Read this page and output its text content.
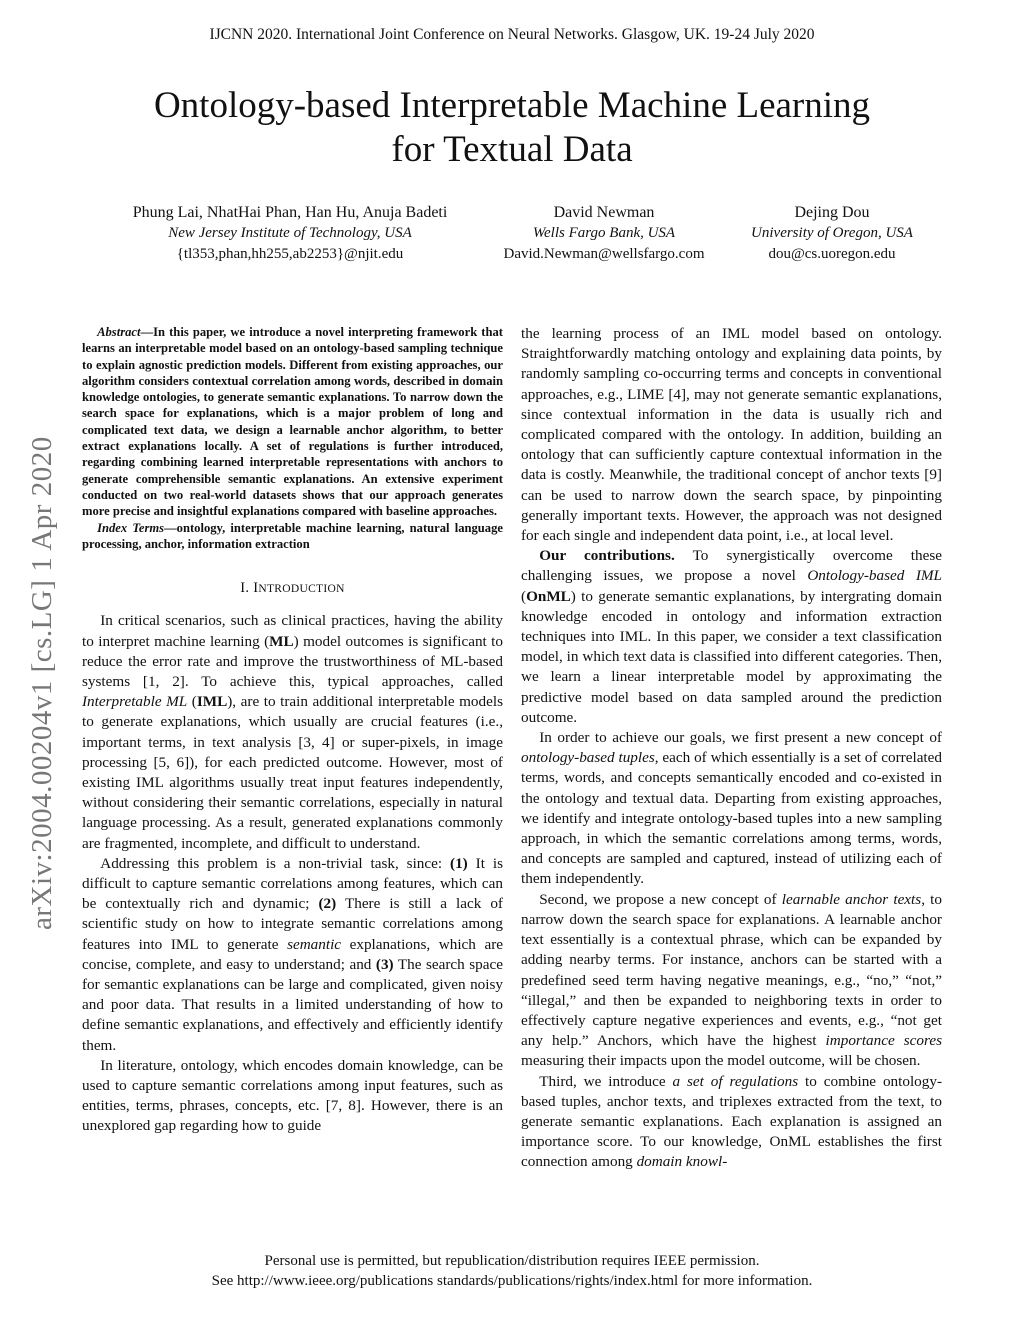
IJCNN 2020. International Joint Conference on Neural Networks. Glasgow, UK. 19-24 July 2020
Ontology-based Interpretable Machine Learning
for Textual Data
Phung Lai, NhatHai Phan, Han Hu, Anuja Badeti
New Jersey Institute of Technology, USA
{tl353,phan,hh255,ab2253}@njit.edu
David Newman
Wells Fargo Bank, USA
David.Newman@wellsfargo.com
Dejing Dou
University of Oregon, USA
dou@cs.uoregon.edu
arXiv:2004.00204v1 [cs.LG] 1 Apr 2020

Abstract—In this paper, we introduce a novel interpreting framework that learns an interpretable model based on an ontology-based sampling technique to explain agnostic prediction models. Different from existing approaches, our algorithm considers contextual correlation among words, described in domain knowledge ontologies, to generate semantic explanations. To narrow down the search space for explanations, which is a major problem of long and complicated text data, we design a learnable anchor algorithm, to better extract explanations locally. A set of regulations is further introduced, regarding combining learned interpretable representations with anchors to generate comprehensible semantic explanations. An extensive experiment conducted on two real-world datasets shows that our approach generates more precise and insightful explanations compared with baseline approaches.

Index Terms—ontology, interpretable machine learning, natural language processing, anchor, information extraction

I. INTRODUCTION

In critical scenarios, such as clinical practices, having the ability to interpret machine learning (ML) model outcomes is significant to reduce the error rate and improve the trustworthiness of ML-based systems [1, 2]. To achieve this, typical approaches, called Interpretable ML (IML), are to train additional interpretable models to generate explanations, which usually are crucial features (i.e., important terms, in text analysis [3, 4] or super-pixels, in image processing [5, 6]), for each predicted outcome. However, most of existing IML algorithms usually treat input features independently, without considering their semantic correlations, especially in natural language processing. As a result, generated explanations commonly are fragmented, incomplete, and difficult to understand.

Addressing this problem is a non-trivial task, since: (1) It is difficult to capture semantic correlations among features, which can be contextually rich and dynamic; (2) There is still a lack of scientific study on how to integrate semantic correlations among features into IML to generate semantic explanations, which are concise, complete, and easy to understand; and (3) The search space for semantic explanations can be large and complicated, given noisy and poor data. That results in a limited understanding of how to define semantic explanations, and effectively and efficiently identify them.

In literature, ontology, which encodes domain knowledge, can be used to capture semantic correlations among input features, such as entities, terms, phrases, concepts, etc. [7, 8]. However, there is an unexplored gap regarding how to guide

the learning process of an IML model based on ontology. Straightforwardly matching ontology and explaining data points, by randomly sampling co-occurring terms and concepts in conventional approaches, e.g., LIME [4], may not generate semantic explanations, since contextual information in the data is usually rich and complicated compared with the ontology. In addition, building an ontology that can sufficiently capture contextual information in the data is costly. Meanwhile, the traditional concept of anchor texts [9] can be used to narrow down the search space, by pinpointing generally important texts. However, the approach was not designed for each single and independent data point, i.e., at local level.

Our contributions. To synergistically overcome these challenging issues, we propose a novel Ontology-based IML (OnML) to generate semantic explanations, by intergrating domain knowledge encoded in ontology and information extraction techniques into IML. In this paper, we consider a text classification model, in which text data is classified into different categories. Then, we learn a linear interpretable model by approximating the predictive model based on data sampled around the prediction outcome.

In order to achieve our goals, we first present a new concept of ontology-based tuples, each of which essentially is a set of correlated terms, words, and concepts semantically encoded and co-existed in the ontology and textual data. Departing from existing approaches, we identify and integrate ontology-based tuples into a new sampling approach, in which the semantic correlations among terms, words, and concepts are sampled and captured, instead of utilizing each of them independently.

Second, we propose a new concept of learnable anchor texts, to narrow down the search space for explanations. A learnable anchor text essentially is a contextual phrase, which can be expanded by adding nearby terms. For instance, anchors can be started with a predefined seed term having negative meanings, e.g., “no,” “not,” “illegal,” and then be expanded to neighboring texts in order to effectively capture negative experiences and events, e.g., “not get any help.” Anchors, which have the highest importance scores measuring their impacts upon the model outcome, will be chosen.

Third, we introduce a set of regulations to combine ontology-based tuples, anchor texts, and triplexes extracted from the text, to generate semantic explanations. Each explanation is assigned an importance score. To our knowledge, OnML establishes the first connection among domain knowl-

Personal use is permitted, but republication/distribution requires IEEE permission.
See http://www.ieee.org/publications standards/publications/rights/index.html for more information.
